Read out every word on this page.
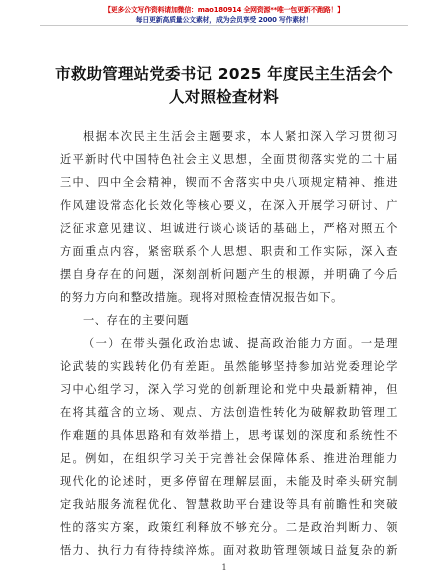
【更多公文写作资料请加微信：mao180914 全网资源**唯一包更新不跑路！】
每日更新高质量公文素材，成为会员享受 2000 写作素材！
市救助管理站党委书记 2025 年度民主生活会个
人对照检查材料
根据本次民主生活会主题要求，本人紧扣深入学习贯彻习
近平新时代中国特色社会主义思想，全面贯彻落实党的二十届
三中、四中全会精神，锲而不舍落实中央八项规定精神、推进
作风建设常态化长效化等核心要义，在深入开展学习研讨、广
泛征求意见建议、坦诚进行谈心谈话的基础上，严格对照五个
方面重点内容，紧密联系个人思想、职责和工作实际，深入查
摆自身存在的问题，深刻剖析问题产生的根源，并明确了今后
的努力方向和整改措施。现将对照检查情况报告如下。
一、存在的主要问题
（一）在带头强化政治忠诚、提高政治能力方面。一是理
论武装的实践转化仍有差距。虽然能够坚持参加站党委理论学
习中心组学习，深入学习党的创新理论和党中央最新精神，但
在将其蕴含的立场、观点、方法创造性转化为破解救助管理工
作难题的具体思路和有效举措上，思考谋划的深度和系统性不
足。例如，在组织学习关于完善社会保障体系、推进治理能力
现代化的论述时，更多停留在理解层面，未能及时牵头研究制
定我站服务流程优化、智慧救助平台建设等具有前瞻性和突破
性的落实方案，政策红利释放不够充分。二是政治判断力、领
悟力、执行力有待持续淬炼。面对救助管理领域日益复杂的新
1
